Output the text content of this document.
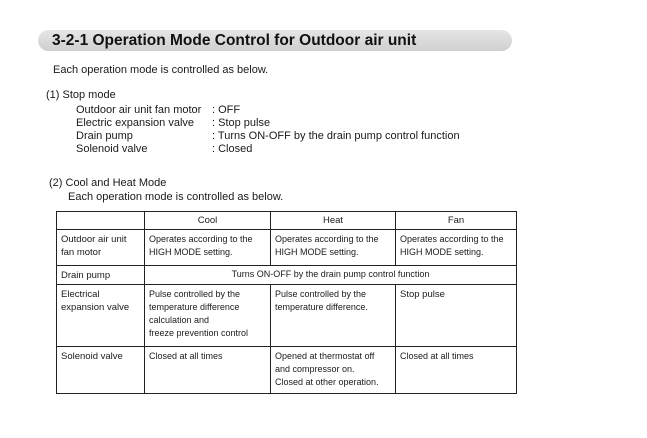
3-2-1 Operation Mode Control for Outdoor air unit
Each operation mode is controlled as below.
(1) Stop mode
Outdoor air unit fan motor : OFF
Electric expansion valve : Stop pulse
Drain pump	: Turns ON-OFF by the drain pump control function
Solenoid valve	: Closed
(2) Cool and Heat Mode
Each operation mode is controlled as below.
	Cool	Heat	Fan

Outdoor air unit
fan motor	Operates according to the
HIGH MODE setting.	Operates according to the
HIGH MODE setting.	Operates according to the
HIGH MODE setting.

Drain pump	Turns ON-OFF by the drain pump control function		

Electrical
expansion valve	Pulse controlled by the
temperature difference
calculation and
freeze prevention control	Pulse controlled by the
temperature difference.	Stop pulse
Solenoid valve	Closed at all times	Opened at thermostat off
and compressor on.
Closed at other operation.	Closed at all times
